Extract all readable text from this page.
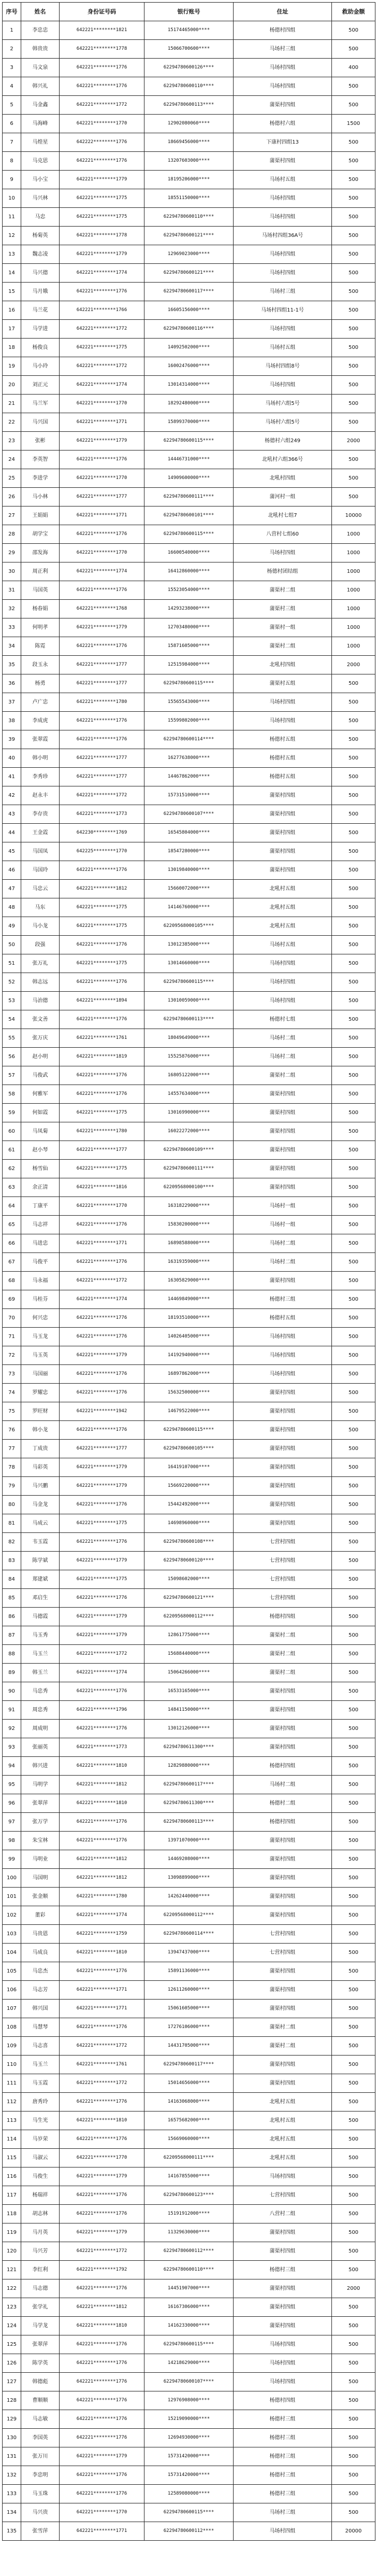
序号	姓名	身份证号码	银行账号	住址	救助金额
1	李忠忠	642221********1821	15174465000****	杨德村四组	500
2	韩贵贵	642221********1778	15066700600****	马场村三组	500
3	马文泉	642221********1776	62294780600126****	马场村四组	400
4	韩兴礼	642221********1776	62294780600110****	马场村四组	500
5	马金鑫	642221********1772	62294780600113****	蒲渠村四组	500
6	马海峰	642221********1770	12902080060****	杨德村六组	1500
7	马煌星	642222********1776	18669456000****	下康村四组13	500
8	马克思	642221********1776	13207603000****	蒲渠村四组	500
9	马小宝	642221********1779	18195206000****	马场村五组	500
10	马兴林	642221********1775	18551150000****	马场村四组	500
11	马忠	642221********1775	62294780600110****	马场村四组	500
12	杨菊英	642221********1778	62294780600121****	马场村四组36A号	500
13	魏志凌	642221********1779	12969023000****	马场村四组	500
14	马兴德	642221********1774	62294780600121****	马场村四组	500
15	马月娥	642221********1776	62294780600117****	马场村三组	500
16	马兰花	642221********1766	16605156000****	马场村四组11-1号	500
17	马学进	642221********1772	62294780600116****	马场村四组	500
18	杨俊良	642221********1775	14092502000****	马场村五组	500
19	马小玲	642221********1772	16002476000****	马场村四组8号	500
20	刘正元	642221********1774	13014314000****	马场村四组	500
21	马兰军	642221********1770	18292480000****	马场村六组5号	500
22	马兴国	642221********1771	15899370000****	马场村六组5号	500
23	张彬	642221********1779	62294780600115****	杨德村六组249	2000
24	李英智	642221********1776	14446731000****	北吼村六组366号	500
25	李进学	642221********1770	14909600000****	北吼村四组	500
26	马小林	642221********1777	62294780600111****	蒲河村一组	500
27	王娟娟	642221********1771	62294780600101****	北吼村七组7	10000
28	胡学宝	642221********1776	62294780600115****	八营村七组60	1000
29	邵发海	642221********1770	16600540000****	马场村四组	1000
30	周正利	642221********1774	16412860000****	杨德村团结组	1000
31	马国英	642221********1776	15523054000****	蒲渠村二组	1000
32	杨春娟	642221********1768	14293238000****	蒲渠村三组	1000
33	何明孝	642221********1779	12703480000****	蒲渠村一组	1000
34	陈霓	642221********1776	15871605000****	蒲渠村二组	1000
35	段玉永	642221********1777	12515984000****	北吼村四组	2000
36	杨勇	642221********1777	62294780600115****	蒲渠村五组	500
37	卢广忠	642221********1780	15565543000****	马场村四组	500
38	李成虎	642221********1776	15599802000****	马场村四组	500
39	张翠霞	642221********1776	62294780600114****	杨德村五组	500
40	韩小明	642221********1777	16277638000****	杨德村五组	500
41	李秀珍	642221********1777	14467862000****	杨德村五组	500
42	赵永丰	642221********1772	15731510000****	蒲渠村四组	500
43	李存贵	642221********1773	62294780600107****	蒲渠村四组	500
44	王金霞	642230********1769	16545804000****	蒲渠村四组	500
45	马国凤	642225********1770	18547280000****	蒲渠村四组	500
46	马国玲	642221********1776	13019840000****	蒲渠村四组	500
47	马忠云	642221********1812	15660072000****	北吼村五组	500
48	马东	642221********1775	14146760000****	北吼村五组	500
49	马小龙	642221********1775	62209568000105****	北吼村五组	500
50	段强	642221********1776	13012385000****	马场村五组	500
51	张万礼	642221********1775	13014660000****	马场村四组	500
52	韩志远	642221********1776	62294780600115****	马场村四组	500
53	马治德	642221********1894	13010059000****	马场村四组	500
54	张文善	642221********1776	62294780600113****	杨德村七组	500
55	张万庆	642221********1761	18049649000****	马场村二组	500
56	赵小明	642221********1819	15525876000****	马场村二组	500
57	马俊武	642221********1776	16805122000****	蒲渠村二组	500
58	何雅军	642221********1776	14557634000****	蒲渠村四组	500
59	何如霞	642221********1775	13016990000****	蒲渠村四组	500
60	马凤菊	642221********1780	16022272000****	蒲渠村四组	500
61	赵小琴	642221********1777	62294780600109****	蒲渠村四组	500
62	杨雪仙	642221********1775	62294780600111****	蒲渠村四组	500
63	余正清	642221********1816	62209568000100****	蒲渠村四组	500
64	丁康平	642221********1770	16318229000****	马场村一组	500
65	马志祥	642221********1776	15830200000****	马场村一组	500
66	马进忠	642221********1771	16898588000****	马场村二组	500
67	马俊平	642221********1776	16319359000****	马场村二组	500
68	马永福	642221********1772	16305829000****	蒲渠村四组	500
69	马桂芬	642221********1774	14469849000****	杨德村三组	500
70	何兴忠	642221********1776	18193510000****	杨德村五组	500
71	马玉龙	642221********1776	14026405000****	马场村四组	500
72	马玉英	642221********1779	14192940000****	马场村四组	500
73	马国丽	642221********1776	16897862000****	马场村四组	500
74	罗耀忠	642221********1776	15632500000****	蒲渠村四组	500
75	罗旺财	642221********1942	14679522000****	蒲渠村四组	500
76	韩小龙	642221********1776	62294780600115****	蒲渠村四组	500
77	丁成贵	642221********1777	62294780600105****	蒲渠村四组	500
78	马彩英	642221********1779	16419107000****	蒲渠村四组	500
79	马兴鹏	642221********1779	15669220000****	蒲渠村四组	500
80	马金龙	642221********1776	15442492000****	蒲渠村四组	500
81	马成云	642221********1775	14698960000****	蒲渠村四组	500
82	韦玉霞	642221********1776	62294780600108****	七营村四组	500
83	陈学斌	642221********1779	62294780600120****	七营村四组	500
84	郑建斌	642221********1775	15098602000****	七营村四组	500
85	邓启生	642221********1776	62294780600121****	七营村四组	500
86	马德霞	642221********1779	62209568000112****	杨德村四组	500
87	马玉秀	642221********1779	12861775000****	蒲渠村二组	500
88	马玉兰	642221********1772	15688440000****	蒲渠村二组	500
89	韩玉兰	642221********1774	15064266000****	蒲渠村二组	500
90	马忠秀	642221********1776	16533165000****	蒲渠村四组	500
91	周忠秀	642221********1796	14841150000****	蒲渠村四组	500
92	周成明	642221********1776	13012126000****	蒲渠村四组	500
93	张丽英	642221********1773	62294780611300****	蒲渠村四组	500
94	韩兴进	642221********1810	12829880000****	杨德村四组	500
95	马明学	642221********1812	62294780600117****	马场村二组	500
96	张翠萍	642221********1810	62294780611300****	杨德村二组	500
97	张万学	642221********1776	62294780600113****	杨德村四组	500
98	朱宝林	642221********1776	13971070000****	蒲渠村四组	500
99	马明业	642221********1812	14469208000****	蒲渠村四组	500
100	马国明	642221********1812	13098899000****	蒲渠村四组	500
101	张金顺	642221********1780	14262440000****	蒲渠村四组	500
102	董彩	642221********1774	62209568000112****	蒲渠村四组	500
103	马贵恩	642221********1759	62294780600114****	七营村四组	500
104	马成良	642221********1810	13947437000****	七营村四组	500
105	马忠杰	642221********1776	15891136000****	蒲渠村四组	500
106	马志芳	642221********1771	12611260000****	蒲渠村四组	500
107	韩兴国	642221********1771	15061605000****	蒲渠村四组	500
108	马慧琴	642221********1776	17276106000****	蒲渠村二组	500
109	马志喜	642221********1772	14431705000****	蒲渠村二组	500
110	马玉兰	642221********1761	62294780600117****	蒲渠村四组	500
111	马玉霞	642221********1772	15014656000****	蒲渠村四组	500
112	唐秀玲	642221********1776	14163068000****	北吼村五组	500
113	马生光	642221********1810	16575682000****	北吼村五组	500
114	马岁荣	642221********1776	15669060000****	北吼村五组	500
115	马淑云	642221********1770	62209568000111****	北吼村五组	500
116	马俊生	642221********1779	14167855000****	马场村四组	500
117	杨瑞祥	642221********1776	62294780600123****	七营村四组	500
118	胡志林	642221********1776	15191912000****	八营村二组	500
119	马月英	642221********1779	11329630000****	蒲渠村四组	500
120	马兴芳	642221********1772	62294780600112****	蒲渠村四组	500
121	李红利	642221********1792	62294780600110****	杨德村三组	500
122	马志德	642221********1776	14451907000****	蒲渠村四组	2000
123	张学礼	642221********1812	16167306000****	蒲渠村四组	500
124	马学龙	642221********1810	14162330000****	蒲渠村四组	500
125	张翠萍	642221********1776	62294780600115****	马场村四组	500
126	陈学英	642221********1776	14218629000****	马场村四组	500
127	韩德彪	642221********1776	62294780600107****	马场村四组	500
128	曹顺顺	642221********1776	12976908000****	杨德村四组	500
129	马志敏	642221********1776	15219090000****	杨德村三组	500
130	李国英	642221********1776	12694930000****	杨德村三组	500
131	张万川	642221********1779	15731420000****	杨德村三组	500
132	李忠明	642221********1776	15731420000****	杨德村三组	500
133	马玉珠	642221********1776	12589080000****	杨德村三组	500
134	马兴贵	642221********1770	62294780600115****	马场村三组	500
135	张雪萍	642221********1771	62294780600112****	马场村四组	20000
